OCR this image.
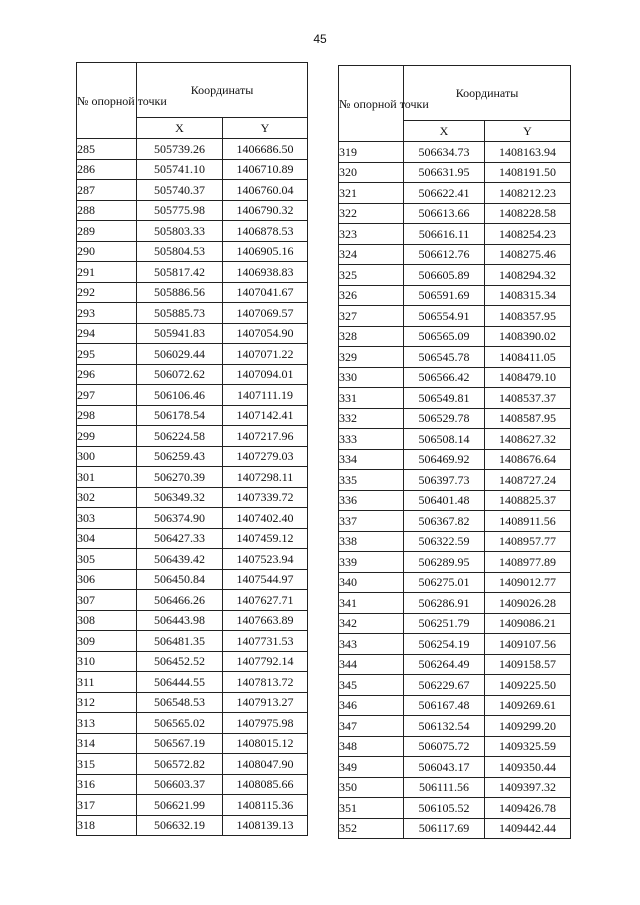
45
№ опорной точки	Координаты	
	X	Y
285	505739.26	1406686.50
286	505741.10	1406710.89
287	505740.37	1406760.04
288	505775.98	1406790.32
289	505803.33	1406878.53
290	505804.53	1406905.16
291	505817.42	1406938.83
292	505886.56	1407041.67
293	505885.73	1407069.57
294	505941.83	1407054.90
295	506029.44	1407071.22
296	506072.62	1407094.01
297	506106.46	1407111.19
298	506178.54	1407142.41
299	506224.58	1407217.96
300	506259.43	1407279.03
301	506270.39	1407298.11
302	506349.32	1407339.72
303	506374.90	1407402.40
304	506427.33	1407459.12
305	506439.42	1407523.94
306	506450.84	1407544.97
307	506466.26	1407627.71
308	506443.98	1407663.89
309	506481.35	1407731.53
310	506452.52	1407792.14
311	506444.55	1407813.72
312	506548.53	1407913.27
313	506565.02	1407975.98
314	506567.19	1408015.12
315	506572.82	1408047.90
316	506603.37	1408085.66
317	506621.99	1408115.36
318	506632.19	1408139.13
№ опорной точки	Координаты	
	X	Y
319	506634.73	1408163.94
320	506631.95	1408191.50
321	506622.41	1408212.23
322	506613.66	1408228.58
323	506616.11	1408254.23
324	506612.76	1408275.46
325	506605.89	1408294.32
326	506591.69	1408315.34
327	506554.91	1408357.95
328	506565.09	1408390.02
329	506545.78	1408411.05
330	506566.42	1408479.10
331	506549.81	1408537.37
332	506529.78	1408587.95
333	506508.14	1408627.32
334	506469.92	1408676.64
335	506397.73	1408727.24
336	506401.48	1408825.37
337	506367.82	1408911.56
338	506322.59	1408957.77
339	506289.95	1408977.89
340	506275.01	1409012.77
341	506286.91	1409026.28
342	506251.79	1409086.21
343	506254.19	1409107.56
344	506264.49	1409158.57
345	506229.67	1409225.50
346	506167.48	1409269.61
347	506132.54	1409299.20
348	506075.72	1409325.59
349	506043.17	1409350.44
350	506111.56	1409397.32
351	506105.52	1409426.78
352	506117.69	1409442.44
